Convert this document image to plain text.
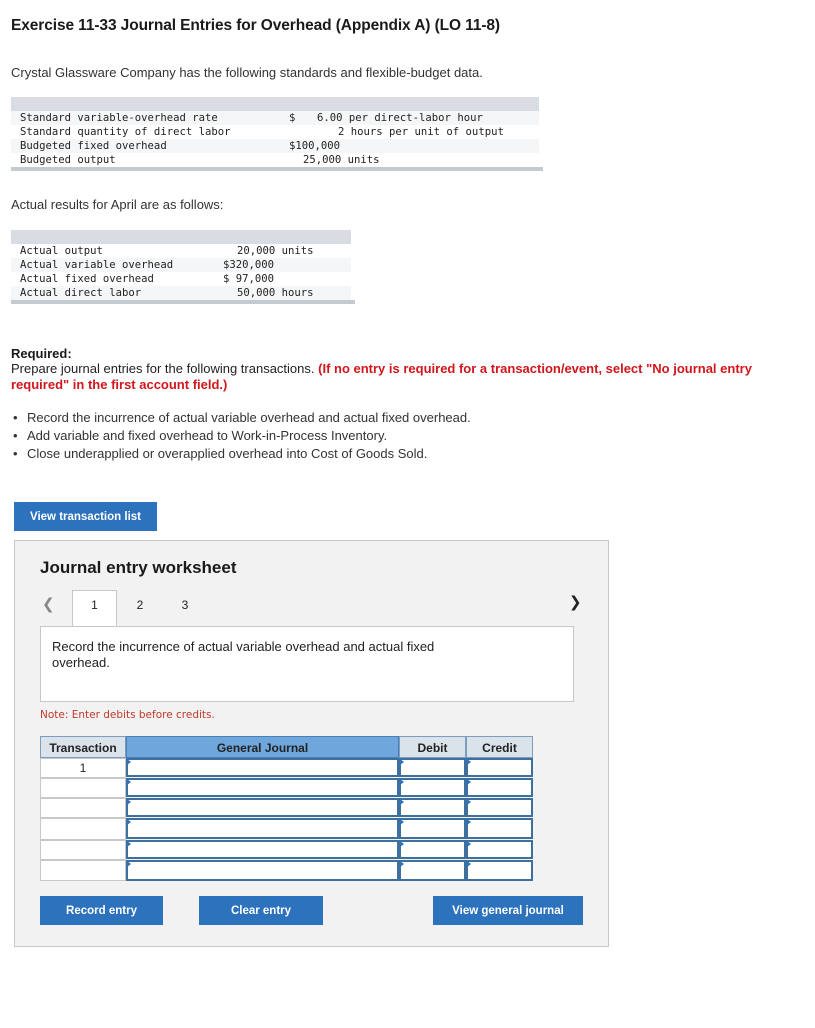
Exercise 11-33 Journal Entries for Overhead (Appendix A) (LO 11-8)
Crystal Glassware Company has the following standards and flexible-budget data.
Standard variable-overhead rate	$ 6.00 per direct-labor hour
Standard quantity of direct labor	2 hours per unit of output
Budgeted fixed overhead	$100,000
Budgeted output	25,000 units
Actual results for April are as follows:
Actual output	20,000 units
Actual variable overhead	$320,000
Actual fixed overhead	$ 97,000
Actual direct labor	50,000 hours
Required:
Prepare journal entries for the following transactions. (If no entry is required for a transaction/event, select "No journal entry required" in the first account field.)
• Record the incurrence of actual variable overhead and actual fixed overhead.
• Add variable and fixed overhead to Work-in-Process Inventory.
• Close underapplied or overapplied overhead into Cost of Goods Sold.
View transaction list
Journal entry worksheet
❮	1	2	3	❯
Record the incurrence of actual variable overhead and actual fixed overhead.
Note: Enter debits before credits.
Transaction	General Journal	Debit	Credit
1
Record entry	Clear entry	View general journal
